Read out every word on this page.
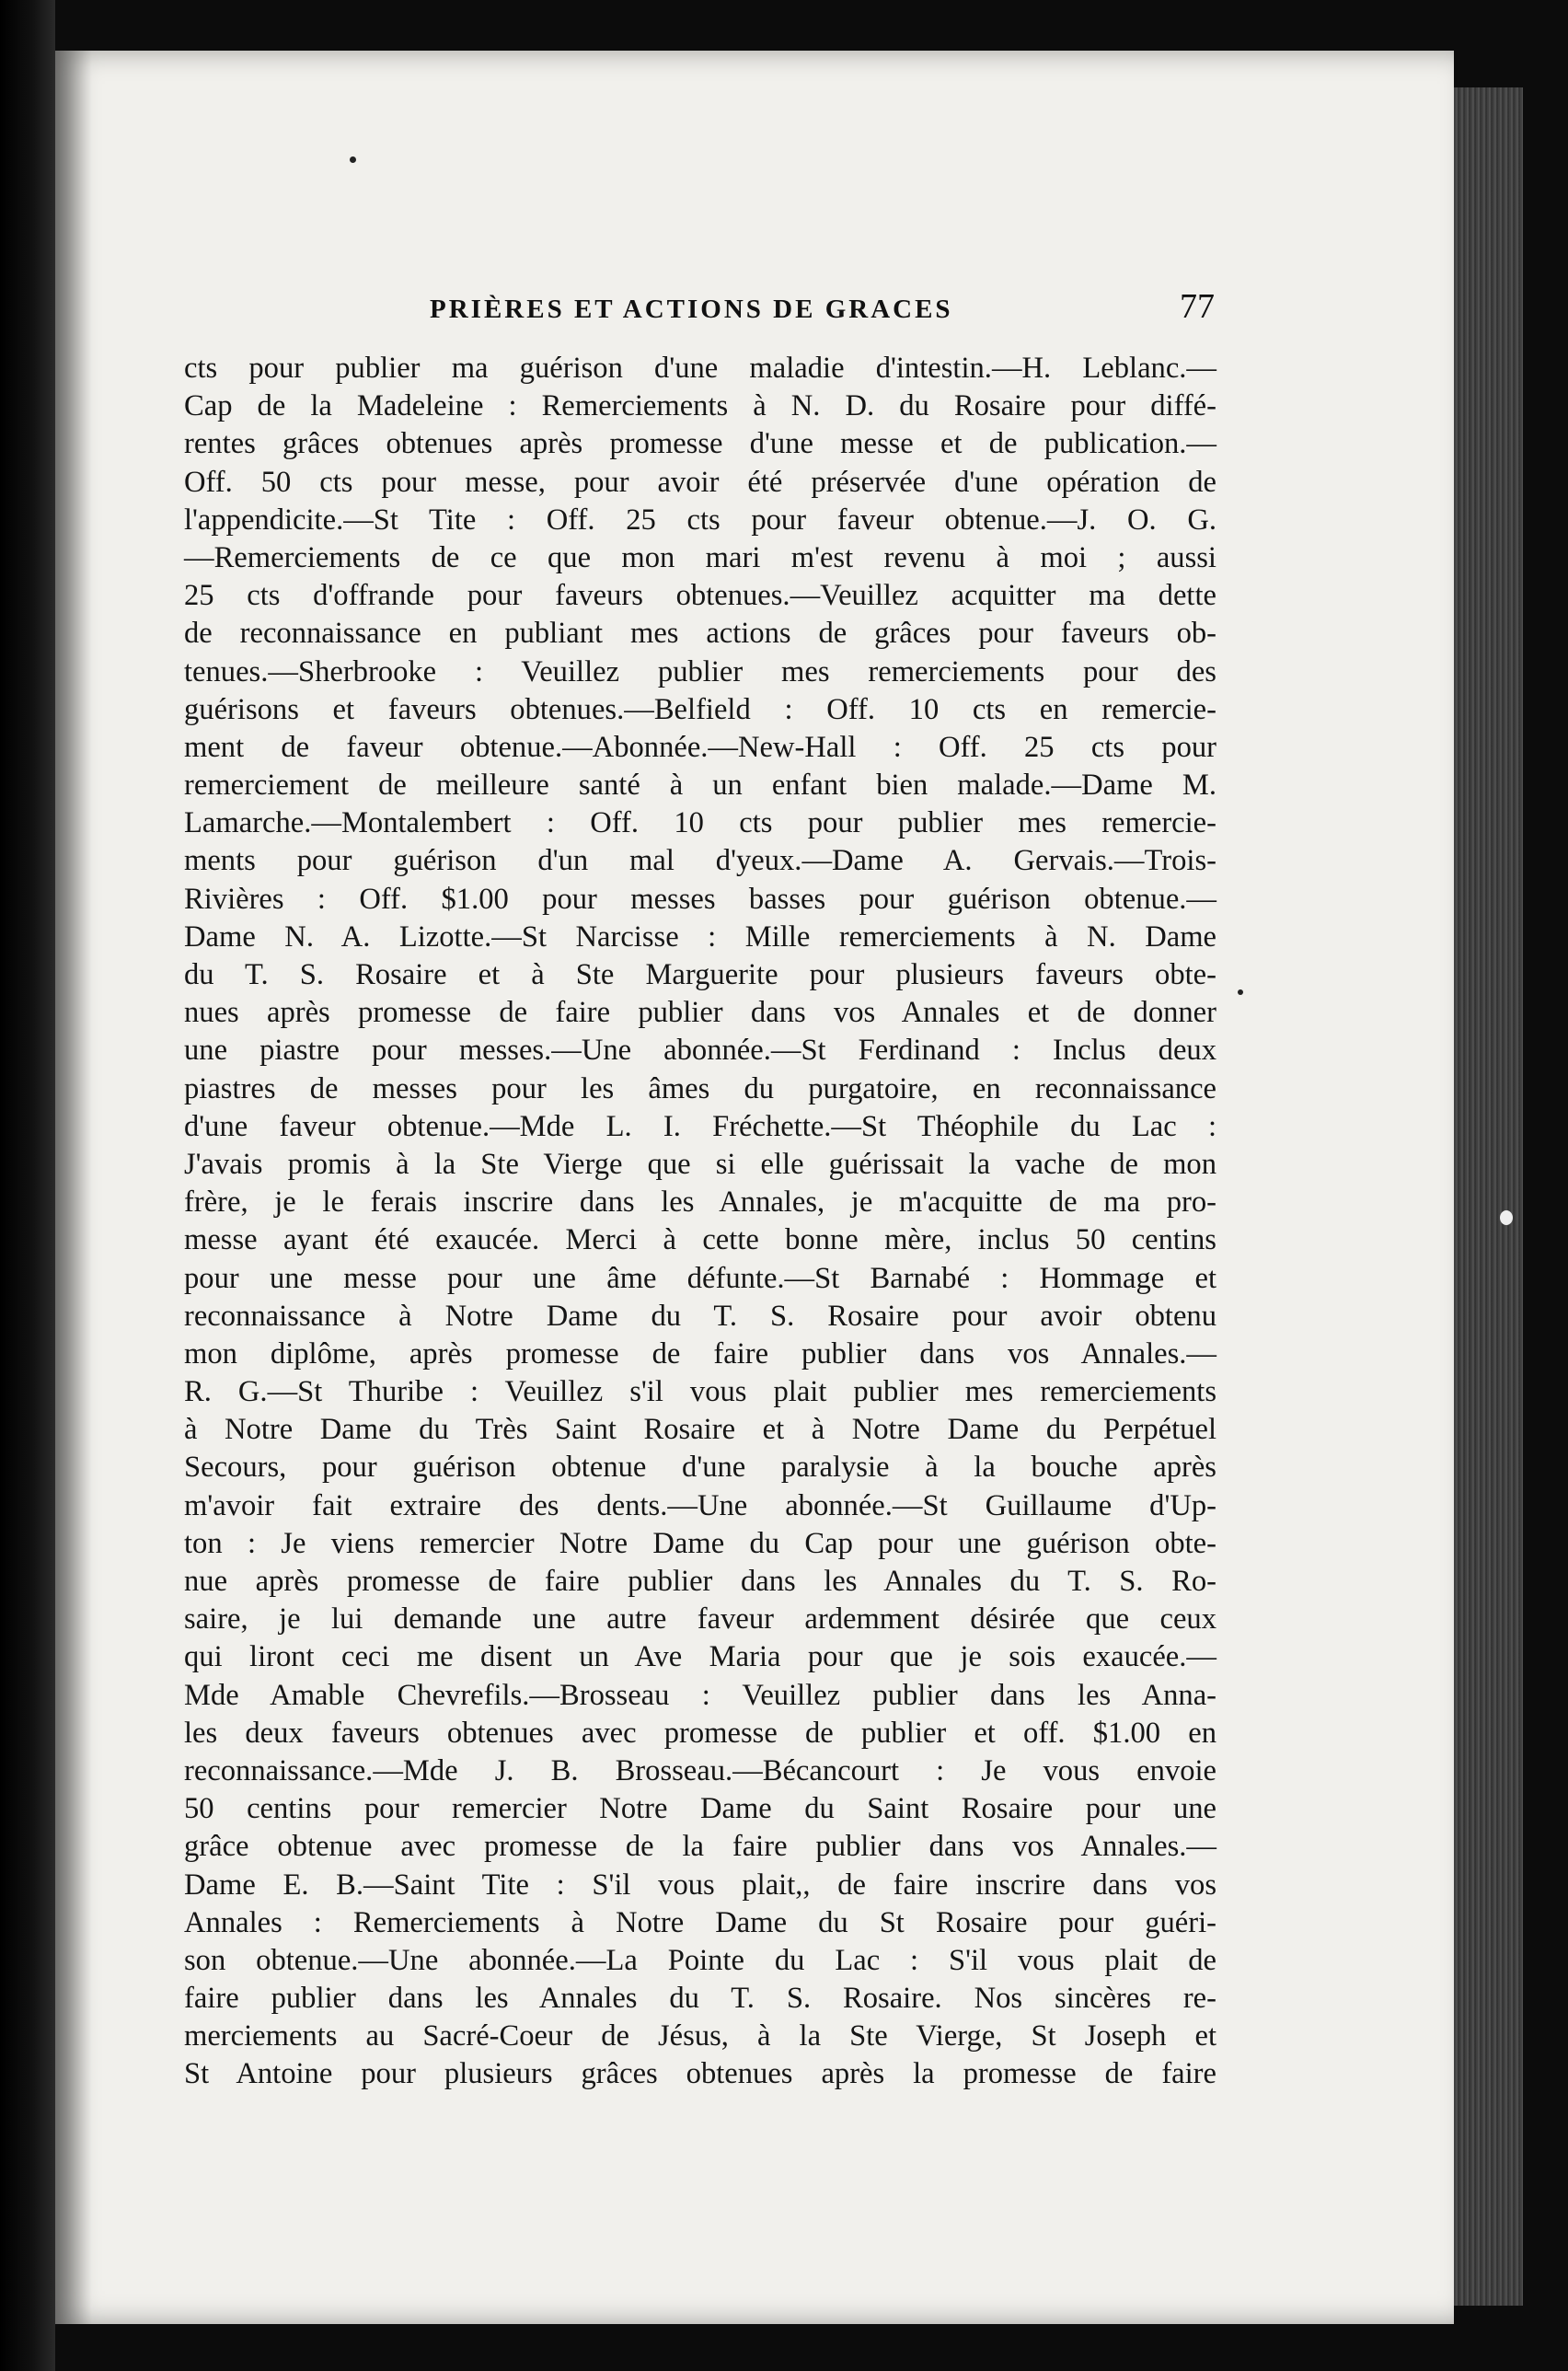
PRIÈRES ET ACTIONS DE GRACES	77
cts pour publier ma guérison d'une maladie d'intestin.—H. Leblanc.—
Cap de la Madeleine : Remerciements à N. D. du Rosaire pour diffé-
rentes grâces obtenues après promesse d'une messe et de publication.—
Off. 50 cts pour messe, pour avoir été préservée d'une opération de
l'appendicite.—St Tite : Off. 25 cts pour faveur obtenue.—J. O. G.
—Remerciements de ce que mon mari m'est revenu à moi ; aussi
25 cts d'offrande pour faveurs obtenues.—Veuillez acquitter ma dette
de reconnaissance en publiant mes actions de grâces pour faveurs ob-
tenues.—Sherbrooke : Veuillez publier mes remerciements pour des
guérisons et faveurs obtenues.—Belfield : Off. 10 cts en remercie-
ment de faveur obtenue.—Abonnée.—New-Hall : Off. 25 cts pour
remerciement de meilleure santé à un enfant bien malade.—Dame M.
Lamarche.—Montalembert : Off. 10 cts pour publier mes remercie-
ments pour guérison d'un mal d'yeux.—Dame A. Gervais.—Trois-
Rivières : Off. $1.00 pour messes basses pour guérison obtenue.—
Dame N. A. Lizotte.—St Narcisse : Mille remerciements à N. Dame
du T. S. Rosaire et à Ste Marguerite pour plusieurs faveurs obte-
nues après promesse de faire publier dans vos Annales et de donner
une piastre pour messes.—Une abonnée.—St Ferdinand : Inclus deux
piastres de messes pour les âmes du purgatoire, en reconnaissance
d'une faveur obtenue.—Mde L. I. Fréchette.—St Théophile du Lac :
J'avais promis à la Ste Vierge que si elle guérissait la vache de mon
frère, je le ferais inscrire dans les Annales, je m'acquitte de ma pro-
messe ayant été exaucée. Merci à cette bonne mère, inclus 50 centins
pour une messe pour une âme défunte.—St Barnabé : Hommage et
reconnaissance à Notre Dame du T. S. Rosaire pour avoir obtenu
mon diplôme, après promesse de faire publier dans vos Annales.—
R. G.—St Thuribe : Veuillez s'il vous plait publier mes remerciements
à Notre Dame du Très Saint Rosaire et à Notre Dame du Perpétuel
Secours, pour guérison obtenue d'une paralysie à la bouche après
m'avoir fait extraire des dents.—Une abonnée.—St Guillaume d'Up-
ton : Je viens remercier Notre Dame du Cap pour une guérison obte-
nue après promesse de faire publier dans les Annales du T. S. Ro-
saire, je lui demande une autre faveur ardemment désirée que ceux
qui liront ceci me disent un Ave Maria pour que je sois exaucée.—
Mde Amable Chevrefils.—Brosseau : Veuillez publier dans les Anna-
les deux faveurs obtenues avec promesse de publier et off. $1.00 en
reconnaissance.—Mde J. B. Brosseau.—Bécancourt : Je vous envoie
50 centins pour remercier Notre Dame du Saint Rosaire pour une
grâce obtenue avec promesse de la faire publier dans vos Annales.—
Dame E. B.—Saint Tite : S'il vous plait,, de faire inscrire dans vos
Annales : Remerciements à Notre Dame du St Rosaire pour guéri-
son obtenue.—Une abonnée.—La Pointe du Lac : S'il vous plait de
faire publier dans les Annales du T. S. Rosaire. Nos sincères re-
merciements au Sacré-Coeur de Jésus, à la Ste Vierge, St Joseph et
St Antoine pour plusieurs grâces obtenues après la promesse de faire
